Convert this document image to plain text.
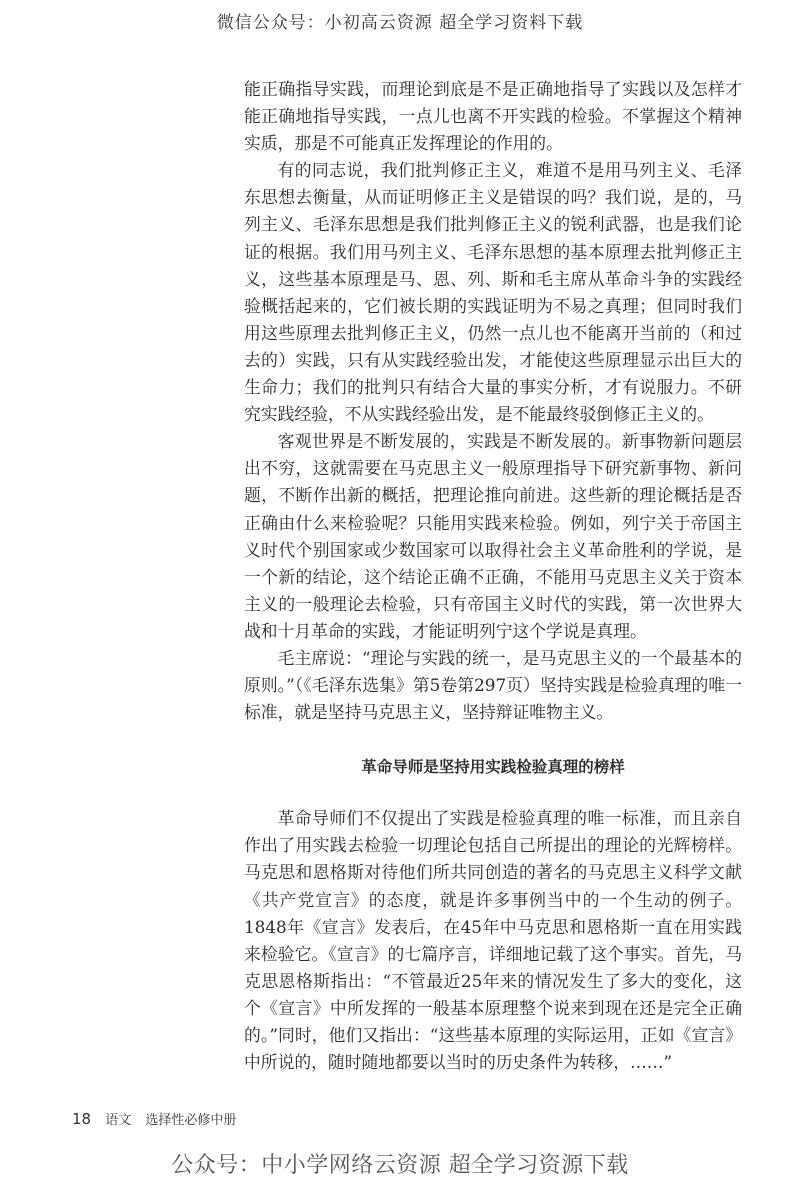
微信公众号：小初高云资源 超全学习资料下载

能正确指导实践，而理论到底是不是正确地指导了实践以及怎样才能正确地指导实践，一点儿也离不开实践的检验。不掌握这个精神实质，那是不可能真正发挥理论的作用的。

有的同志说，我们批判修正主义，难道不是用马列主义、毛泽东思想去衡量，从而证明修正主义是错误的吗？我们说，是的，马列主义、毛泽东思想是我们批判修正主义的锐利武器，也是我们论证的根据。我们用马列主义、毛泽东思想的基本原理去批判修正主义，这些基本原理是马、恩、列、斯和毛主席从革命斗争的实践经验概括起来的，它们被长期的实践证明为不易之真理；但同时我们用这些原理去批判修正主义，仍然一点儿也不能离开当前的（和过去的）实践，只有从实践经验出发，才能使这些原理显示出巨大的生命力；我们的批判只有结合大量的事实分析，才有说服力。不研究实践经验，不从实践经验出发，是不能最终驳倒修正主义的。

客观世界是不断发展的，实践是不断发展的。新事物新问题层出不穷，这就需要在马克思主义一般原理指导下研究新事物、新问题，不断作出新的概括，把理论推向前进。这些新的理论概括是否正确由什么来检验呢？只能用实践来检验。例如，列宁关于帝国主义时代个别国家或少数国家可以取得社会主义革命胜利的学说，是一个新的结论，这个结论正确不正确，不能用马克思主义关于资本主义的一般理论去检验，只有帝国主义时代的实践，第一次世界大战和十月革命的实践，才能证明列宁这个学说是真理。

毛主席说：“理论与实践的统一，是马克思主义的一个最基本的原则。”（《毛泽东选集》第5卷第297页）坚持实践是检验真理的唯一标准，就是坚持马克思主义，坚持辩证唯物主义。

革命导师是坚持用实践检验真理的榜样

革命导师们不仅提出了实践是检验真理的唯一标准，而且亲自作出了用实践去检验一切理论包括自己所提出的理论的光辉榜样。马克思和恩格斯对待他们所共同创造的著名的马克思主义科学文献《共产党宣言》的态度，就是许多事例当中的一个生动的例子。1848年《宣言》发表后，在45年中马克思和恩格斯一直在用实践来检验它。《宣言》的七篇序言，详细地记载了这个事实。首先，马克思恩格斯指出：“不管最近25年来的情况发生了多大的变化，这个《宣言》中所发挥的一般基本原理整个说来到现在还是完全正确的。”同时，他们又指出：“这些基本原理的实际运用，正如《宣言》中所说的，随时随地都要以当时的历史条件为转移，……”

18 语文 选择性必修中册
公众号：中小学网络云资源 超全学习资源下载
